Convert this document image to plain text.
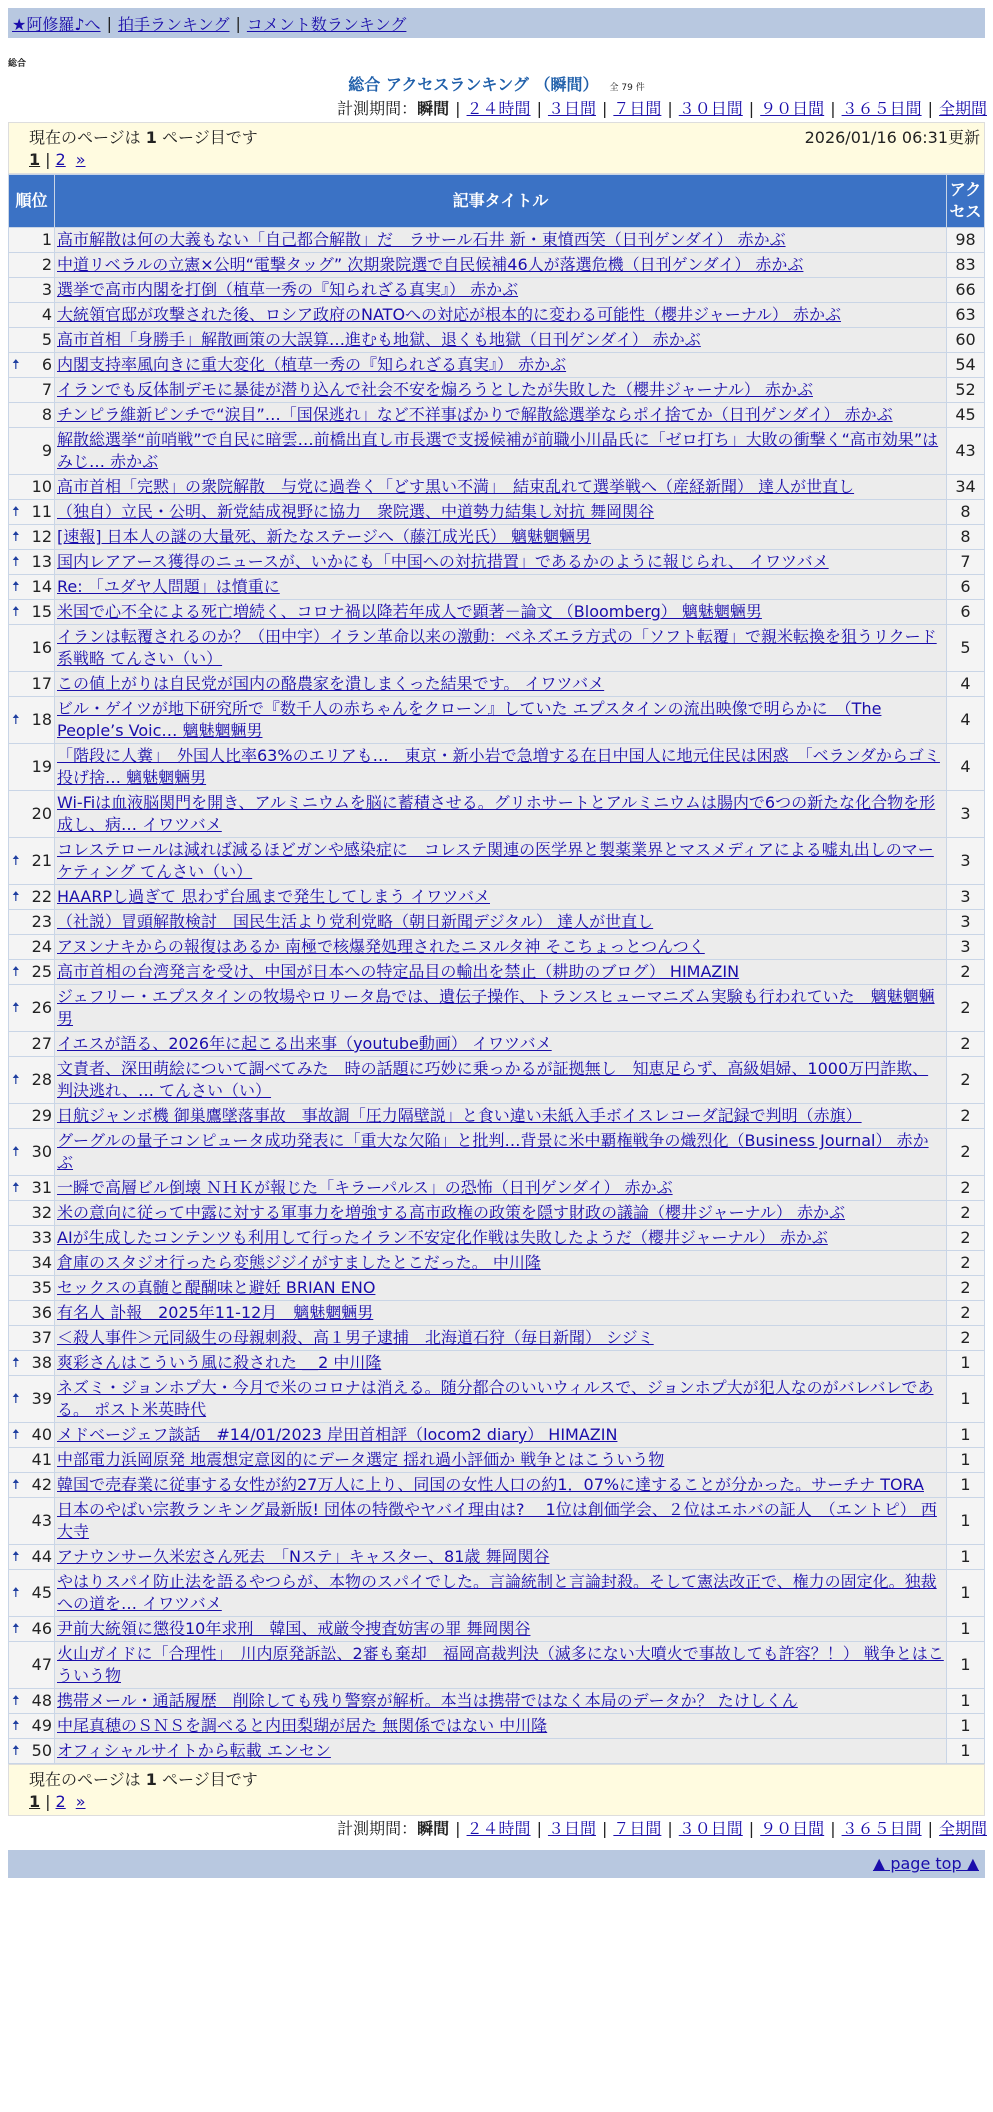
★阿修羅♪へ | 拍手ランキング | コメント数ランキング
総合
総合 アクセスランキング （瞬間） 全 79 件
計測期間：瞬間 | ２４時間 | ３日間 | ７日間 | ３０日間 | ９０日間 | ３６５日間 | 全期間
現在のページは 1 ページ目です	2026/01/16 06:31更新
1 | 2 »
順位	記事タイトル	アクセス
1	高市解散は何の大義もない「自己都合解散」だ　ラサール石井 新・東憤西笑（日刊ゲンダイ） 赤かぶ	98
2	中道リベラルの立憲×公明“電撃タッグ” 次期衆院選で自民候補46人が落選危機（日刊ゲンダイ） 赤かぶ	83
3	選挙で高市内閣を打倒（植草一秀の『知られざる真実』） 赤かぶ	66
4	大統領官邸が攻撃された後、ロシア政府のNATOへの対応が根本的に変わる可能性（櫻井ジャーナル） 赤かぶ	63
5	高市首相「身勝手」解散画策の大誤算…進むも地獄、退くも地獄（日刊ゲンダイ） 赤かぶ	60

🠅 6	内閣支持率風向きに重大変化（植草一秀の『知られざる真実』） 赤かぶ	54
7	イランでも反体制デモに暴徒が潜り込んで社会不安を煽ろうとしたが失敗した（櫻井ジャーナル） 赤かぶ	52
8	チンピラ維新ピンチで“涙目”…「国保逃れ」など不祥事ばかりで解散総選挙ならポイ捨てか（日刊ゲンダイ） 赤かぶ	45
9	解散総選挙“前哨戦”で自民に暗雲…前橋出直し市長選で支援候補が前職小川晶氏に「ゼロ打ち」大敗の衝撃く“高市効果”はみじ… 赤かぶ	43
10	高市首相「完黙」の衆院解散　与党に過巻く「どす黒い不満」　結束乱れて選挙戦へ（産経新聞） 達人が世直し	34

🠅 11	（独自）立民・公明、新党結成視野に協力　衆院選、中道勢力結集し対抗 舞岡関谷	8

🠅 12	[速報] 日本人の謎の大量死、新たなステージへ（藤江成光氏） 魑魅魍魎男	8

🠅 13	国内レアアース獲得のニュースが、いかにも「中国への対抗措置」であるかのように報じられ、 イワツバメ	7

🠅 14	Re: 「ユダヤ人問題」は憤重に	6

🠅 15	米国で心不全による死亡増続く、コロナ禍以降若年成人で顕著－論文 （Bloomberg） 魑魅魍魎男	6
16	イランは転覆されるのか？（田中宇）イラン革命以来の激動：ベネズエラ方式の「ソフト転覆」で親米転換を狙うリクード系戦略 てんさい（い）	5
17	この値上がりは自民党が国内の酪農家を潰しまくった結果です。 イワツバメ	4

🠅 18	ビル・ゲイツが地下研究所で『数千人の赤ちゃんをクローン』していた エプスタインの流出映像で明らかに　（The People’s Voic… 魑魅魍魎男	4
19	「階段に人糞」　外国人比率63%のエリアも…　東京・新小岩で急増する在日中国人に地元住民は困惑　「ベランダからゴミ投げ捨… 魑魅魍魎男	4
20	Wi-Fiは血液脳関門を開き、アルミニウムを脳に蓄積させる。グリホサートとアルミニウムは腸内で6つの新たな化合物を形成し、病… イワツバメ	3

🠅 21	コレステロールは減れば減るほどガンや感染症に　コレステ関連の医学界と製薬業界とマスメディアによる嘘丸出しのマーケティング てんさい（い）	3

🠅 22	HAARPし過ぎて 思わず台風まで発生してしまう イワツバメ	3
23	（社説）冒頭解散検討　国民生活より党利党略（朝日新聞デジタル） 達人が世直し	3
24	アヌンナキからの報復はあるか 南極で核爆発処理されたニヌルタ神 そこちょっとつんつく	3

🠅 25	高市首相の台湾発言を受け、中国が日本への特定品目の輸出を禁止（耕助のブログ） HIMAZIN	2

🠅 26	ジェフリー・エプスタインの牧場やロリータ島では、遺伝子操作、トランスヒューマニズム実験も行われていた　魑魅魍魎男	2
27	イエスが語る、2026年に起こる出来事（youtube動画） イワツバメ	2

🠅 28	文責者、深田萌絵について調べてみた　時の話題に巧妙に乗っかるが証拠無し　知恵足らず、高級娼婦、1000万円詐欺、判決逃れ、… てんさい（い）	2
29	日航ジャンボ機 御巣鷹墜落事故　事故調「圧力隔壁説」と食い違い未紙入手ボイスレコーダ記録で判明（赤旗）	2

🠅 30	グーグルの量子コンピュータ成功発表に「重大な欠陥」と批判…背景に米中覇権戦争の熾烈化（Business Journal） 赤かぶ	2

🠅 31	一瞬で高層ビル倒壊 ＮＨＫが報じた「キラーパルス」の恐怖（日刊ゲンダイ） 赤かぶ	2
32	米の意向に従って中露に対する軍事力を増強する高市政権の政策を隠す財政の議論（櫻井ジャーナル） 赤かぶ	2
33	AIが生成したコンテンツも利用して行ったイラン不安定化作戦は失敗したようだ（櫻井ジャーナル） 赤かぶ	2
34	倉庫のスタジオ行ったら変態ジジイがすましたとこだった。 中川隆	2
35	セックスの真髄と醍醐味と避妊 BRIAN ENO	2
36	有名人 訃報　2025年11-12月　魑魅魍魎男	2
37	＜殺人事件＞元同級生の母親刺殺、高１男子逮捕　北海道石狩（毎日新聞） シジミ	2

🠅 38	爽彩さんはこういう風に殺された ＿2 中川隆	1

🠅 39	ネズミ・ジョンホプ大・今月で米のコロナは消える。随分都合のいいウィルスで、ジョンホプ大が犯人なのがバレバレである。 ポスト米英時代	1

🠅 40	メドベージェフ談話　#14/01/2023 岸田首相評（locom2 diary） HIMAZIN	1
41	中部電力浜岡原発 地震想定意図的にデータ選定 揺れ過小評価か 戦争とはこういう物	1

🠅 42	韓国で売春業に従事する女性が約27万人に上り、同国の女性人口の約1．07%に達することが分かった。サーチナ TORA	1
43	日本のやばい宗教ランキング最新版! 団体の特徴やヤバイ理由は?　 1位は創価学会、２位はエホバの証人　（エントピ） 西大寺	1

🠅 44	アナウンサー久米宏さん死去　「Nステ」キャスター、81歳 舞岡関谷	1

🠅 45	やはりスパイ防止法を語るやつらが、本物のスパイでした。言論統制と言論封殺。そして憲法改正で、権力の固定化。独裁への道を… イワツバメ	1

🠅 46	尹前大統領に懲役10年求刑　韓国、戒厳令捜査妨害の罪 舞岡関谷	1
47	火山ガイドに「合理性」　川内原発訴訟、2審も棄却　福岡高裁判決（滅多にない大噴火で事故しても許容？！） 戦争とはこういう物	1

🠅 48	携帯メール・通話履歴　削除しても残り警察が解析。本当は携帯ではなく本局のデータか？ たけしくん	1

🠅 49	中尾真穂のＳＮＳを調べると内田梨瑚が居た 無関係ではない 中川隆	1

🠅 50	オフィシャルサイトから転載 エンセン	1
現在のページは 1 ページ目です
1 | 2 »
計測期間：瞬間 | ２４時間 | ３日間 | ７日間 | ３０日間 | ９０日間 | ３６５日間 | 全期間
▲ page top ▲
